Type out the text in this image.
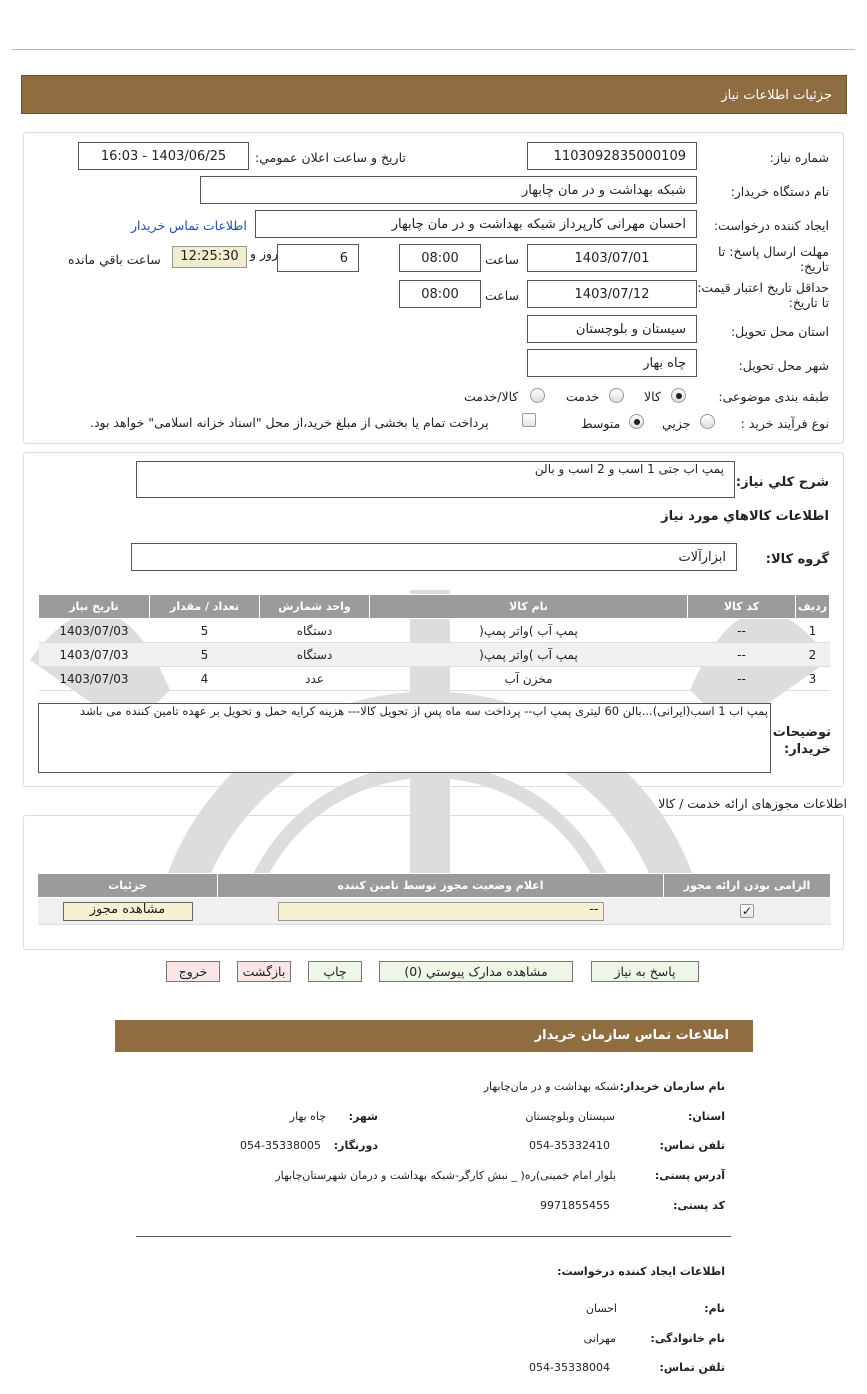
جزئیات اطلاعات نیاز
شماره نیاز:
1103092835000109
تاریخ و ساعت اعلان عمومي:
1403/06/25 - 16:03
نام دستگاه خریدار:
شبکه بهداشت و در مان چابهار
ایجاد کننده درخواست:
احسان مهرانی کارپرداز شبکه بهداشت و در مان چابهار
اطلاعات تماس خریدار
مهلت ارسال پاسخ: تا تاریخ:
1403/07/01
ساعت
08:00
6
روز و
12:25:30
ساعت باقي مانده
حداقل تاریخ اعتبار قیمت: تا تاریخ:
1403/07/12
ساعت
08:00
استان محل تحویل:
سیستان و بلوچستان
شهر محل تحویل:
چاه بهار
طبقه بندی موضوعی:
کالا
خدمت
کالا/خدمت
نوع فرآیند خرید :
جزیي
متوسط
پرداخت تمام یا بخشی از مبلغ خرید،از محل "اسناد خزانه اسلامی" خواهد بود.
شرح کلي نیاز:
پمپ اب جتی 1 اسب و 2 اسب و بالن
اطلاعات کالاهاي مورد نیاز
گروه کالا:
ابزارآلات
رديف	کد کالا	نام کالا	واحد شمارش	تعداد / مقدار	تاریخ نیاز
1	--	پمپ آب )واتر پمپ(	دستگاه	5	1403/07/03
2	--	پمپ آب )واتر پمپ(	دستگاه	5	1403/07/03
3	--	مخزن آب	عدد	4	1403/07/03
توضیحات خریدار:
پمپ اب 1 اسب(ایرانی)...بالن 60 لیتری پمپ اب-- پرداخت سه ماه پس از تحویل کالا--- هزینه کرایه حمل و تحویل بر عهده تامین کننده می باشد
اطلاعات مجوزهای ارائه خدمت / کالا
الزامی بودن ارائه مجوز	اعلام وضعیت مجوز توسط تامین کننده	جزئیات

✓	--	مشاهده مجوز
پاسخ به نیاز
مشاهده مدارک پیوستي (0)
چاپ
بازگشت
خروج
اطلاعات تماس سازمان خریدار
نام سازمان خریدار:
شبکه بهداشت و در مان‌چابهار
استان:
سیستان وبلوچستان
شهر:
چاه بهار
تلفن تماس:
054-35332410
دورنگار:
054-35338005
آدرس پستی:
بلوار امام خمینی)ره( _ نبش کارگر-شبکه بهداشت و درمان شهرستان‌چابهار
کد پستی:
9971855455
اطلاعات ایجاد کننده درخواست:
نام:
احسان
نام خانوادگی:
مهرانی
تلفن تماس:
054-35338004
